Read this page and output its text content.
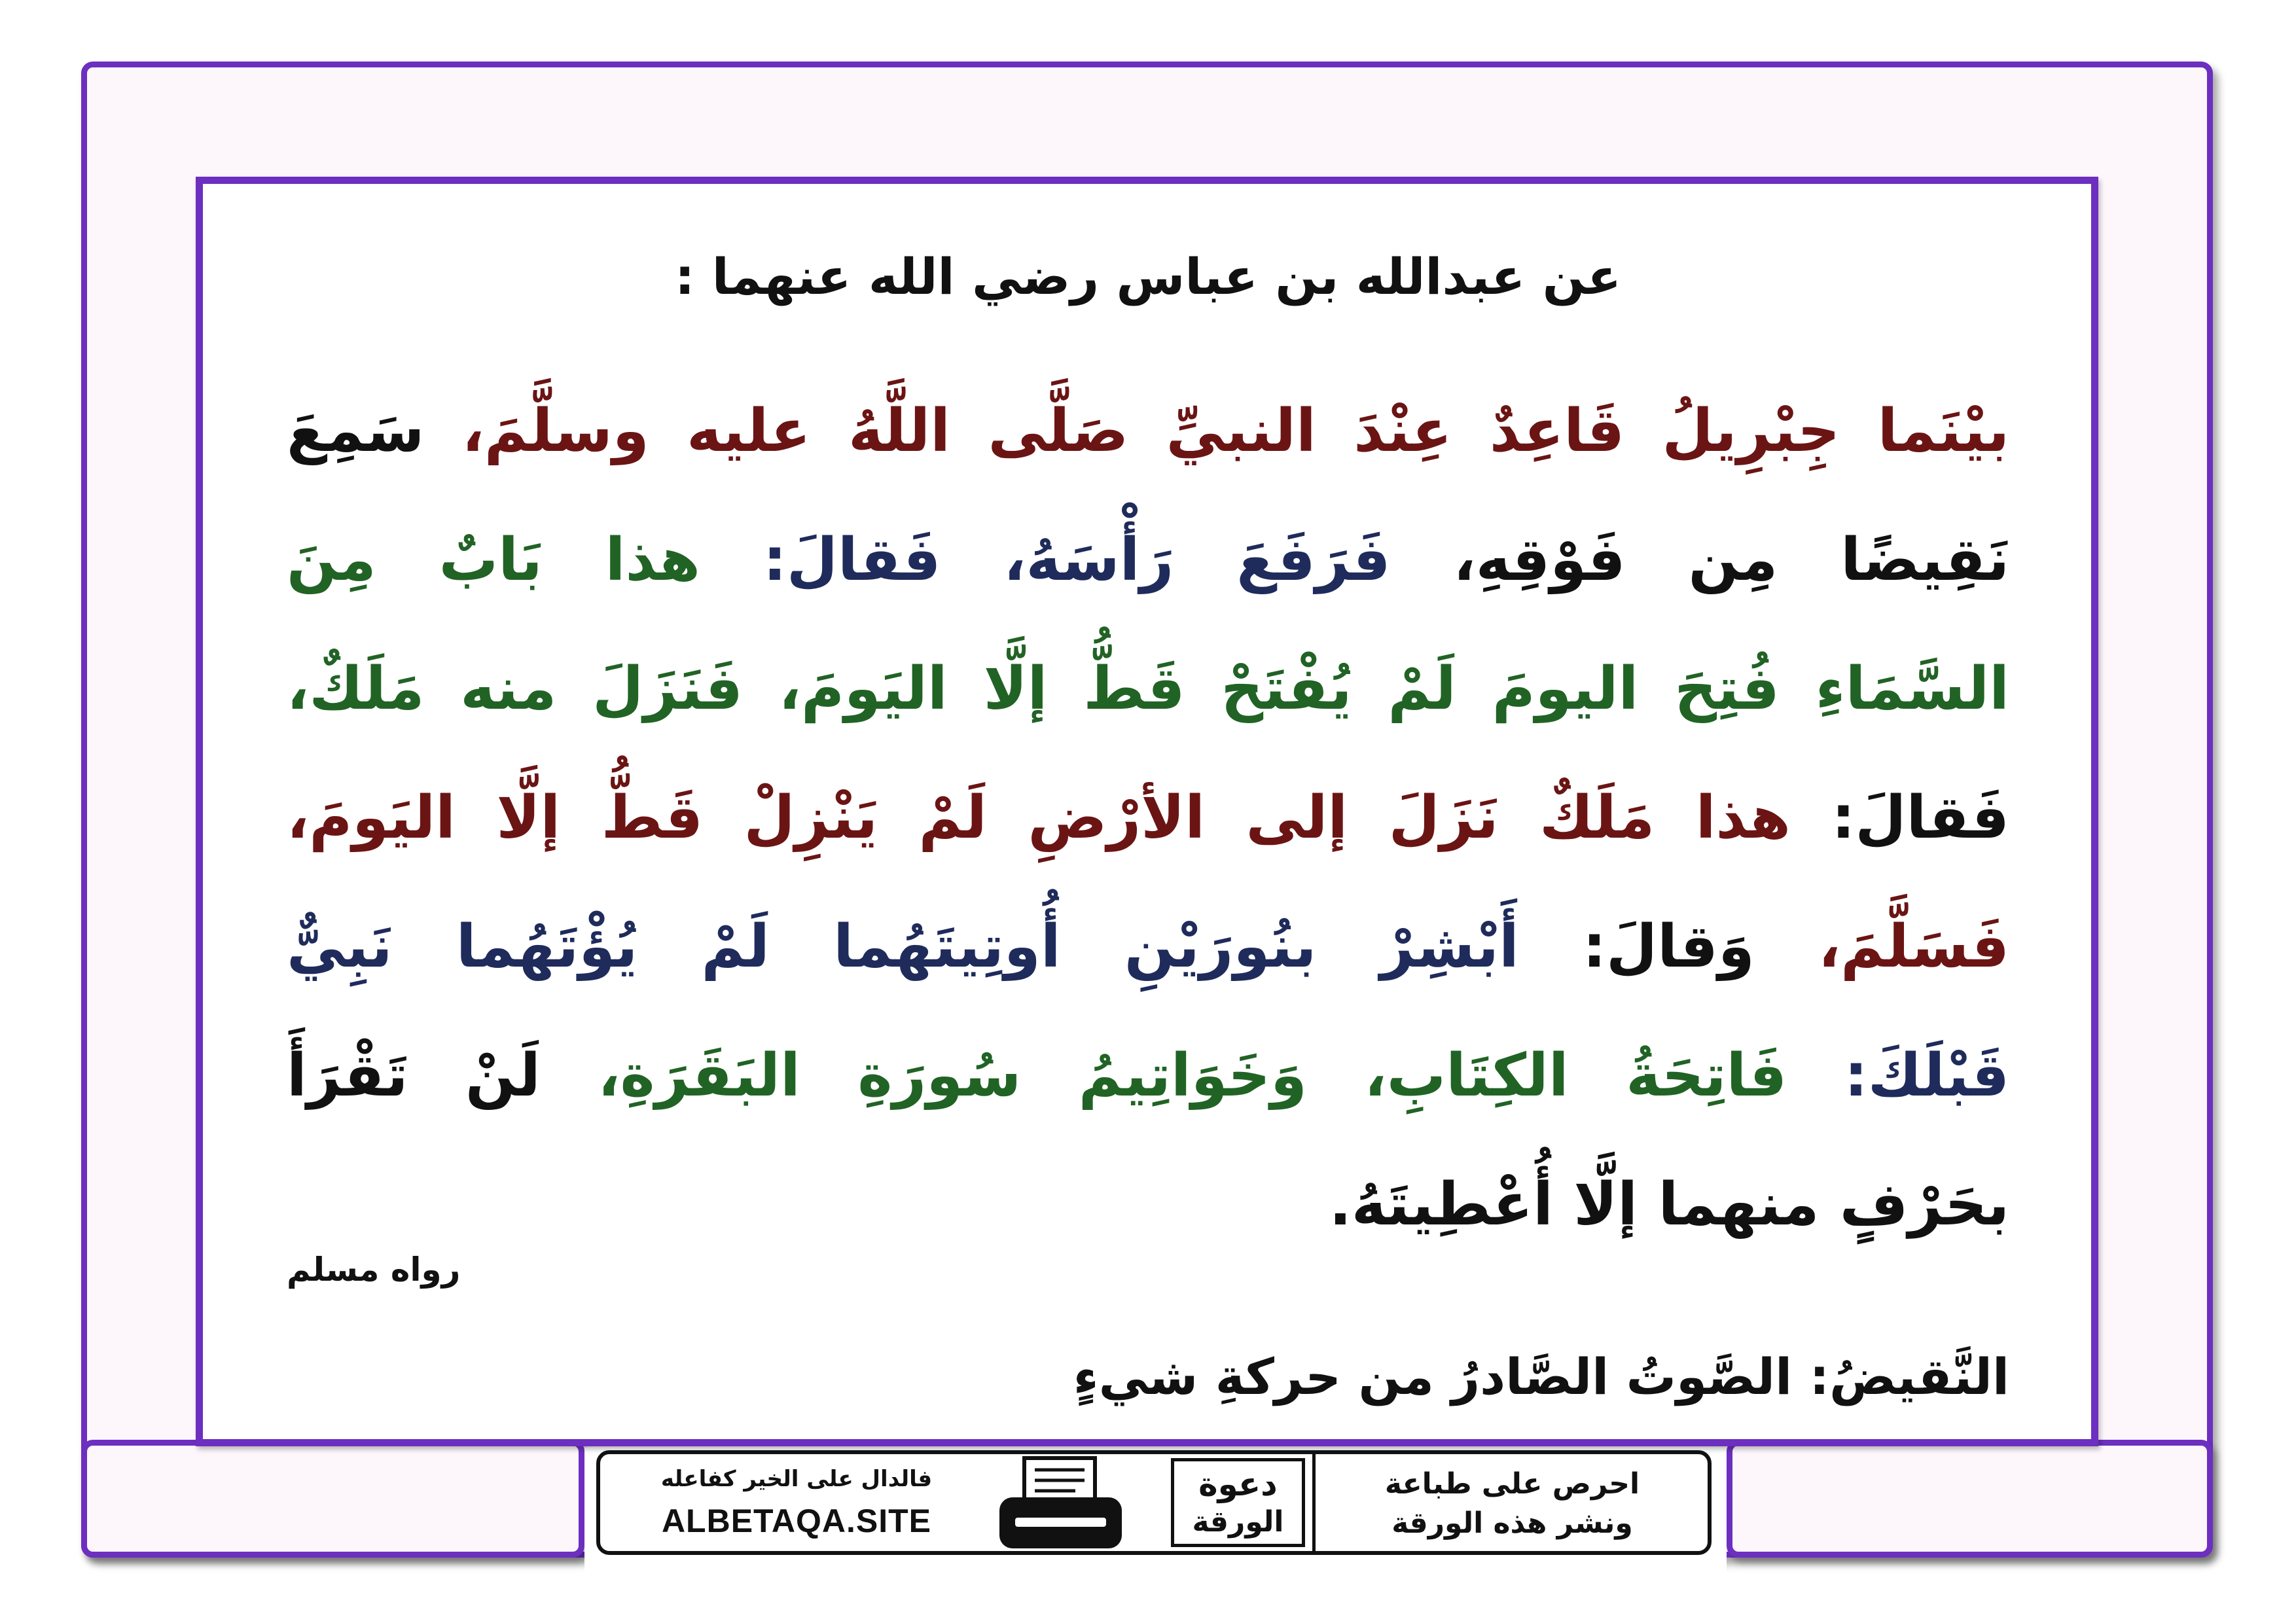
عن عبدالله بن عباس رضي الله عنهما :
بيْنَما جِبْرِيلُ قَاعِدٌ عِنْدَ النبيِّ صَلَّى اللَّهُ عليه وسلَّمَ، سَمِعَ
نَقِيضًا مِن فَوْقِهِ، فَرَفَعَ رَأْسَهُ، فَقالَ: هذا بَابٌ مِنَ
السَّمَاءِ فُتِحَ اليومَ لَمْ يُفْتَحْ قَطُّ إلَّا اليَومَ، فَنَزَلَ منه مَلَكٌ،
فَقالَ: هذا مَلَكٌ نَزَلَ إلى الأرْضِ لَمْ يَنْزِلْ قَطُّ إلَّا اليَومَ،
فَسَلَّمَ، وَقالَ: أَبْشِرْ بنُورَيْنِ أُوتِيتَهُما لَمْ يُؤْتَهُما نَبِيٌّ
قَبْلَكَ: فَاتِحَةُ الكِتَابِ، وَخَوَاتِيمُ سُورَةِ البَقَرَةِ، لَنْ تَقْرَأَ
بحَرْفٍ منهما إلَّا أُعْطِيتَهُ.
رواه مسلم
النَّقيضُ: الصَّوتُ الصَّادرُ من حركةِ شيءٍ
فالدال على الخير كفاعله
ALBETAQA.SITE
دعوة
الورقة
احرص على طباعة
ونشر هذه الورقة
